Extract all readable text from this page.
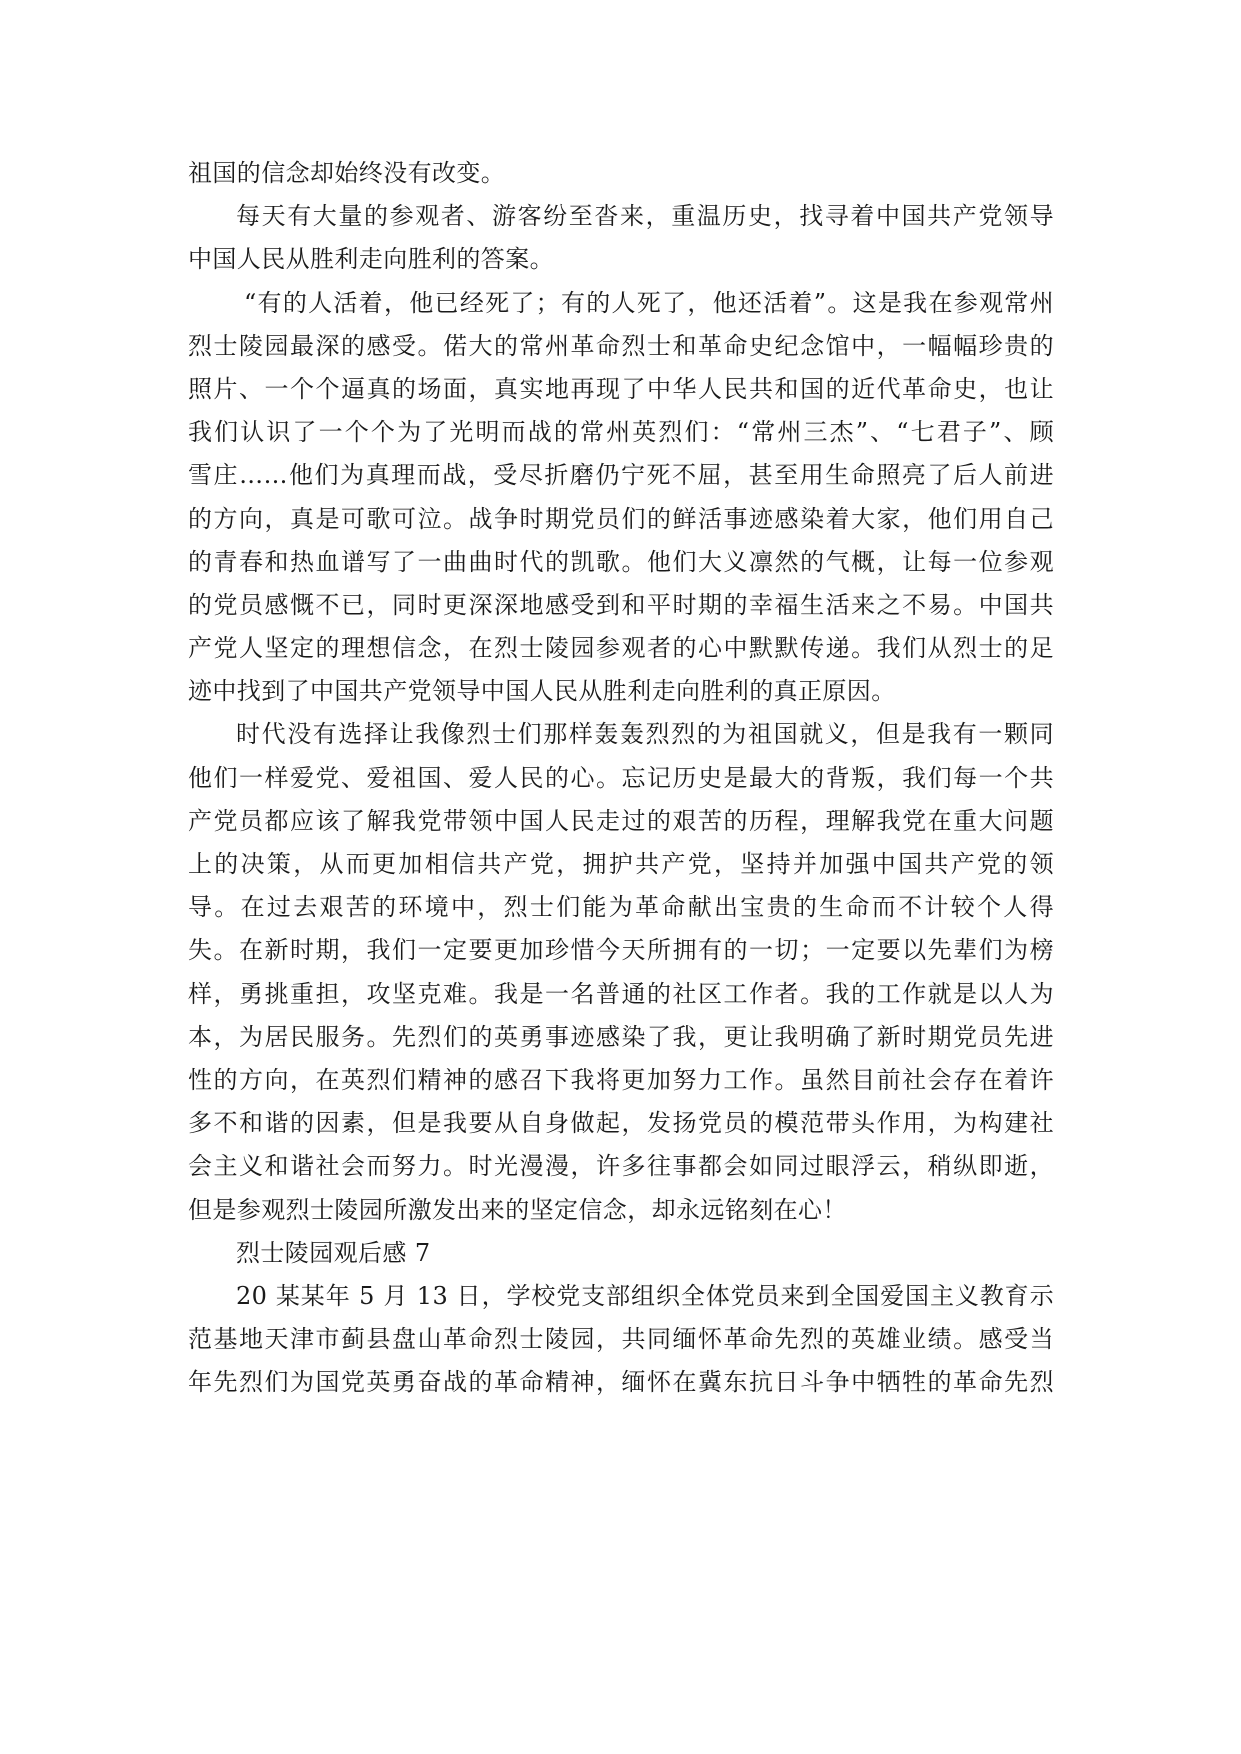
祖国的信念却始终没有改变。
每天有大量的参观者、游客纷至沓来，重温历史，找寻着中国共产党领导
中国人民从胜利走向胜利的答案。
“有的人活着，他已经死了；有的人死了，他还活着”。这是我在参观常州
烈士陵园最深的感受。偌大的常州革命烈士和革命史纪念馆中，一幅幅珍贵的
照片、一个个逼真的场面，真实地再现了中华人民共和国的近代革命史，也让
我们认识了一个个为了光明而战的常州英烈们：“常州三杰”、“七君子”、顾
雪庄……他们为真理而战，受尽折磨仍宁死不屈，甚至用生命照亮了后人前进
的方向，真是可歌可泣。战争时期党员们的鲜活事迹感染着大家，他们用自己
的青春和热血谱写了一曲曲时代的凯歌。他们大义凛然的气概，让每一位参观
的党员感慨不已，同时更深深地感受到和平时期的幸福生活来之不易。中国共
产党人坚定的理想信念，在烈士陵园参观者的心中默默传递。我们从烈士的足
迹中找到了中国共产党领导中国人民从胜利走向胜利的真正原因。
时代没有选择让我像烈士们那样轰轰烈烈的为祖国就义，但是我有一颗同
他们一样爱党、爱祖国、爱人民的心。忘记历史是最大的背叛，我们每一个共
产党员都应该了解我党带领中国人民走过的艰苦的历程，理解我党在重大问题
上的决策，从而更加相信共产党，拥护共产党，坚持并加强中国共产党的领
导。在过去艰苦的环境中，烈士们能为革命献出宝贵的生命而不计较个人得
失。在新时期，我们一定要更加珍惜今天所拥有的一切；一定要以先辈们为榜
样，勇挑重担，攻坚克难。我是一名普通的社区工作者。我的工作就是以人为
本，为居民服务。先烈们的英勇事迹感染了我，更让我明确了新时期党员先进
性的方向，在英烈们精神的感召下我将更加努力工作。虽然目前社会存在着许
多不和谐的因素，但是我要从自身做起，发扬党员的模范带头作用，为构建社
会主义和谐社会而努力。时光漫漫，许多往事都会如同过眼浮云，稍纵即逝，
但是参观烈士陵园所激发出来的坚定信念，却永远铭刻在心！
烈士陵园观后感 7
20 某某年 5 月 13 日，学校党支部组织全体党员来到全国爱国主义教育示
范基地天津市蓟县盘山革命烈士陵园，共同缅怀革命先烈的英雄业绩。感受当
年先烈们为国党英勇奋战的革命精神，缅怀在冀东抗日斗争中牺牲的革命先烈
